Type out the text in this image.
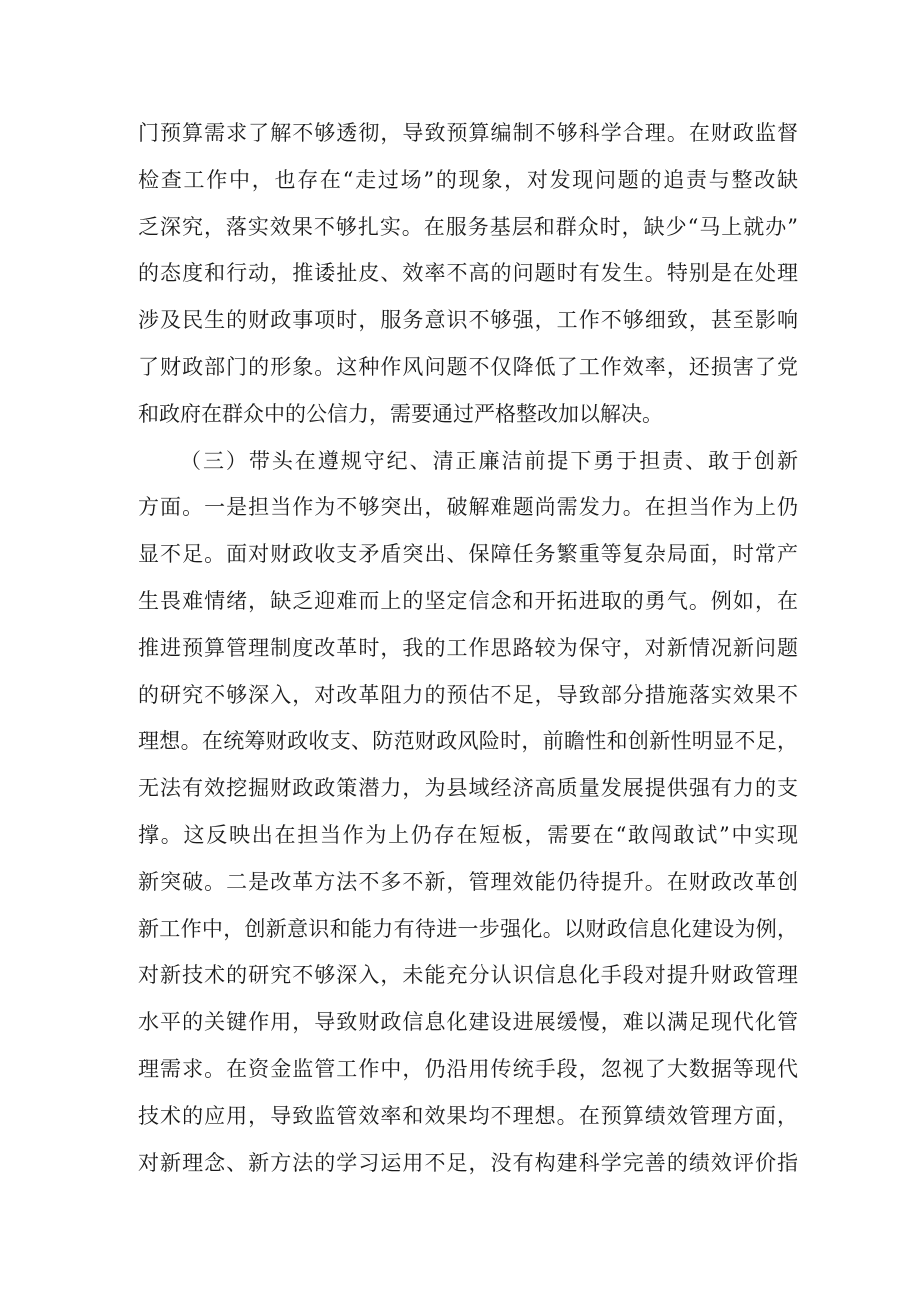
门预算需求了解不够透彻，导致预算编制不够科学合理。在财政监督
检查工作中，也存在“走过场”的现象，对发现问题的追责与整改缺
乏深究，落实效果不够扎实。在服务基层和群众时，缺少“马上就办”
的态度和行动，推诿扯皮、效率不高的问题时有发生。特别是在处理
涉及民生的财政事项时，服务意识不够强，工作不够细致，甚至影响
了财政部门的形象。这种作风问题不仅降低了工作效率，还损害了党
和政府在群众中的公信力，需要通过严格整改加以解决。
（三）带头在遵规守纪、清正廉洁前提下勇于担责、敢于创新
方面。一是担当作为不够突出，破解难题尚需发力。在担当作为上仍
显不足。面对财政收支矛盾突出、保障任务繁重等复杂局面，时常产
生畏难情绪，缺乏迎难而上的坚定信念和开拓进取的勇气。例如，在
推进预算管理制度改革时，我的工作思路较为保守，对新情况新问题
的研究不够深入，对改革阻力的预估不足，导致部分措施落实效果不
理想。在统筹财政收支、防范财政风险时，前瞻性和创新性明显不足，
无法有效挖掘财政政策潜力，为县域经济高质量发展提供强有力的支
撑。这反映出在担当作为上仍存在短板，需要在“敢闯敢试”中实现
新突破。二是改革方法不多不新，管理效能仍待提升。在财政改革创
新工作中，创新意识和能力有待进一步强化。以财政信息化建设为例，
对新技术的研究不够深入，未能充分认识信息化手段对提升财政管理
水平的关键作用，导致财政信息化建设进展缓慢，难以满足现代化管
理需求。在资金监管工作中，仍沿用传统手段，忽视了大数据等现代
技术的应用，导致监管效率和效果均不理想。在预算绩效管理方面，
对新理念、新方法的学习运用不足，没有构建科学完善的绩效评价指
